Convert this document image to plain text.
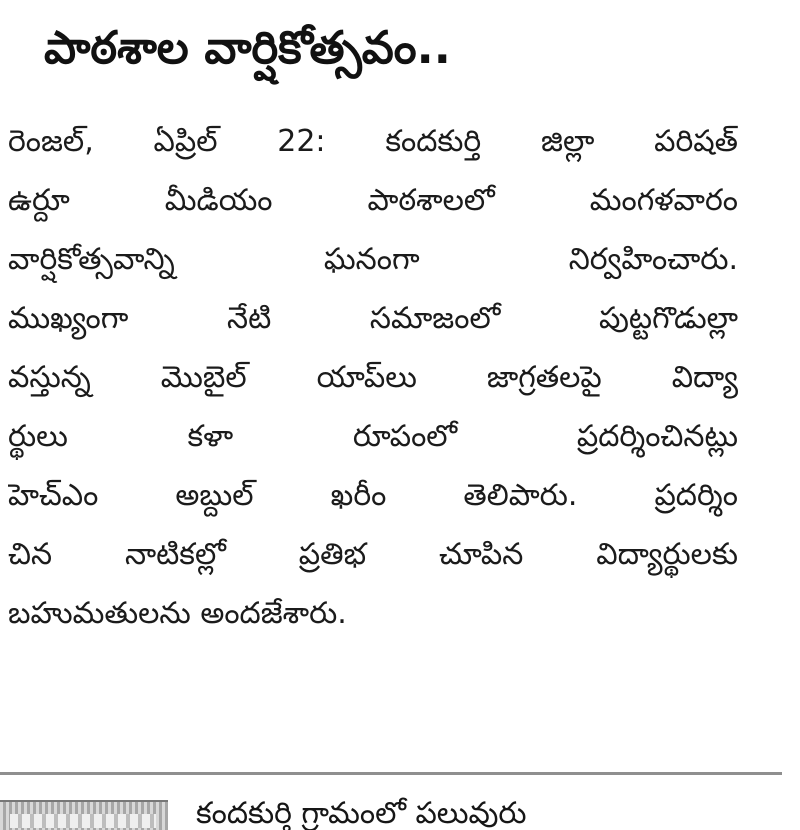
పాఠశాల వార్షికోత్సవం..
రెంజల్, ఏప్రిల్ 22: కందకుర్తి జిల్లా పరిషత్
ఉర్దూ మీడియం పాఠశాలలో మంగళవారం
వార్షికోత్సవాన్ని ఘనంగా నిర్వహించారు.
ముఖ్యంగా నేటి సమాజంలో పుట్టగొడుల్లా
వస్తున్న మొబైల్ యాప్‌లు జాగ్రతలపై విద్యా
ర్థులు కళా రూపంలో ప్రదర్శించినట్లు
హెచ్‌ఎం అబ్దుల్ ఖరీం తెలిపారు. ప్రదర్శిం
చిన నాటికల్లో ప్రతిభ చూపిన విద్యార్థులకు
బహుమతులను అందజేశారు.
కందకుర్తి గ్రామంలో పలువురు
